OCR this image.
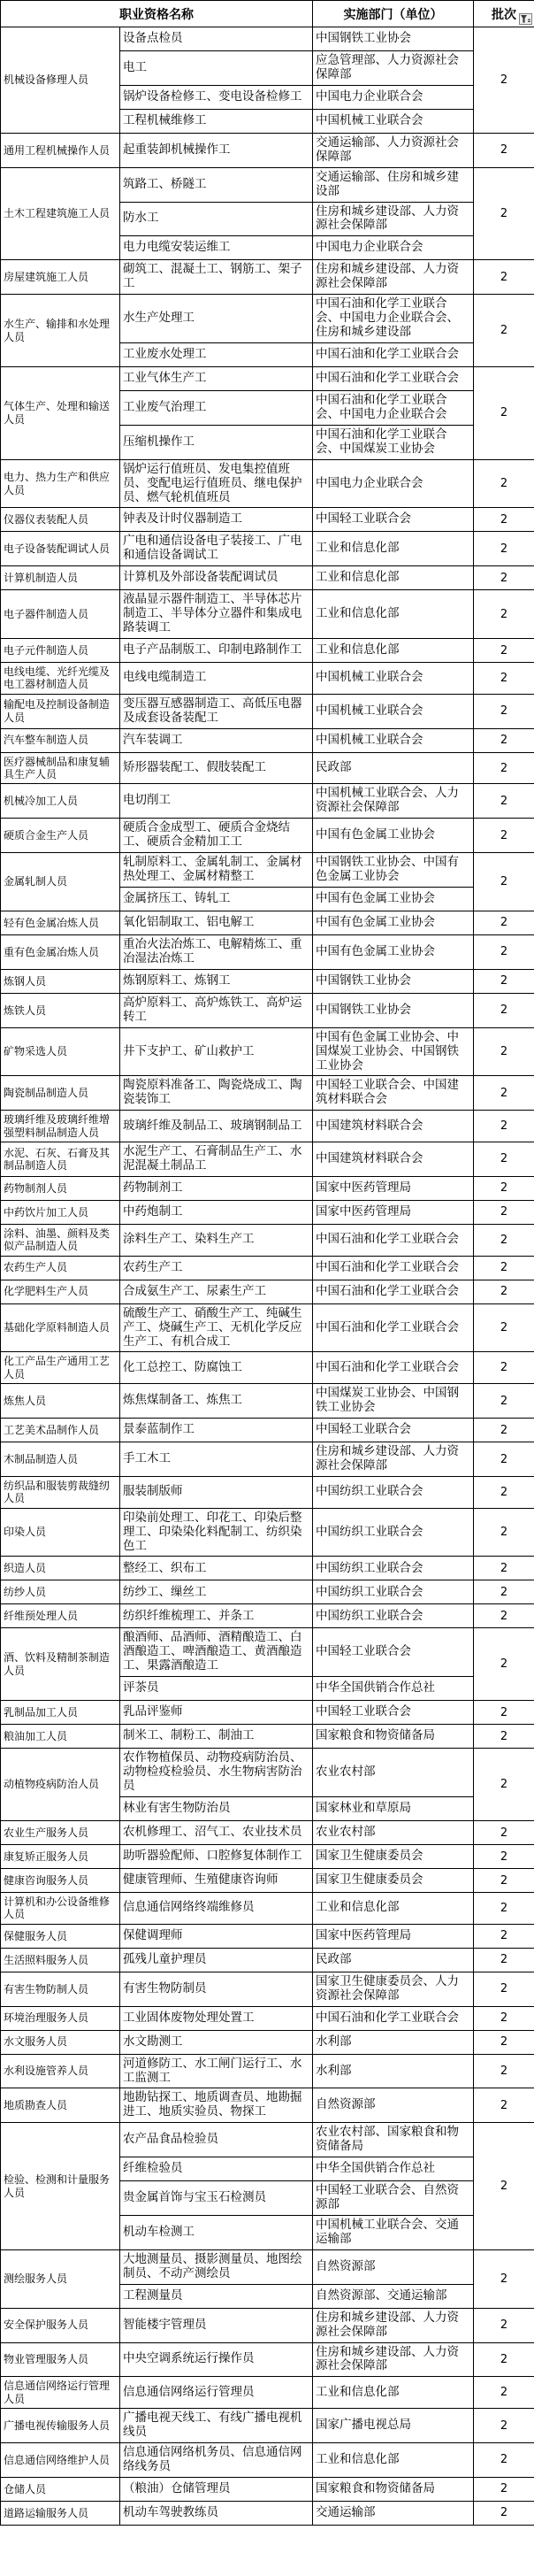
职业资格名称		实施部门（单位）	批次

机械设备修理人员	设备点检员	中国钢铁工业协会	2
	电工	应急管理部、人力资源社会保障部	
	锅炉设备检修工、变电设备检修工	中国电力企业联合会	
	工程机械维修工	中国机械工业联合会	
通用工程机械操作人员	起重装卸机械操作工	交通运输部、人力资源社会保障部	2
土木工程建筑施工人员	筑路工、桥隧工	交通运输部、住房和城乡建设部	2
	防水工	住房和城乡建设部、人力资源社会保障部	
	电力电缆安装运维工	中国电力企业联合会	
房屋建筑施工人员	砌筑工、混凝土工、钢筋工、架子工	住房和城乡建设部、人力资源社会保障部	2
水生产、输排和水处理人员	水生产处理工	中国石油和化学工业联合会、中国电力企业联合会、住房和城乡建设部	2
	工业废水处理工	中国石油和化学工业联合会	
气体生产、处理和输送人员	工业气体生产工	中国石油和化学工业联合会	2
	工业废气治理工	中国石油和化学工业联合会、中国电力企业联合会	
	压缩机操作工	中国石油和化学工业联合会、中国煤炭工业协会	
电力、热力生产和供应人员	锅炉运行值班员、发电集控值班员、变配电运行值班员、继电保护员、燃气轮机值班员	中国电力企业联合会	2
仪器仪表装配人员	钟表及计时仪器制造工	中国轻工业联合会	2
电子设备装配调试人员	广电和通信设备电子装接工、广电和通信设备调试工	工业和信息化部	2
计算机制造人员	计算机及外部设备装配调试员	工业和信息化部	2
电子器件制造人员	液晶显示器件制造工、半导体芯片制造工、半导体分立器件和集成电路装调工	工业和信息化部	2
电子元件制造人员	电子产品制版工、印制电路制作工	工业和信息化部	2
电线电缆、光纤光缆及电工器材制造人员	电线电缆制造工	中国机械工业联合会	2
输配电及控制设备制造人员	变压器互感器制造工、高低压电器及成套设备装配工	中国机械工业联合会	2
汽车整车制造人员	汽车装调工	中国机械工业联合会	2
医疗器械制品和康复辅具生产人员	矫形器装配工、假肢装配工	民政部	2
机械冷加工人员	电切削工	中国机械工业联合会、人力资源社会保障部	2
硬质合金生产人员	硬质合金成型工、硬质合金烧结工、硬质合金精加工工	中国有色金属工业协会	2
金属轧制人员	轧制原料工、金属轧制工、金属材热处理工、金属材精整工	中国钢铁工业协会、中国有色金属工业协会	2
	金属挤压工、铸轧工	中国有色金属工业协会	
轻有色金属冶炼人员	氧化铝制取工、铝电解工	中国有色金属工业协会	2
重有色金属冶炼人员	重冶火法冶炼工、电解精炼工、重冶湿法冶炼工	中国有色金属工业协会	2
炼钢人员	炼钢原料工、炼钢工	中国钢铁工业协会	2
炼铁人员	高炉原料工、高炉炼铁工、高炉运转工	中国钢铁工业协会	2
矿物采选人员	井下支护工、矿山救护工	中国有色金属工业协会、中国煤炭工业协会、中国钢铁工业协会	2
陶瓷制品制造人员	陶瓷原料准备工、陶瓷烧成工、陶瓷装饰工	中国轻工业联合会、中国建筑材料联合会	2
玻璃纤维及玻璃纤维增强塑料制品制造人员	玻璃纤维及制品工、玻璃钢制品工	中国建筑材料联合会	2
水泥、石灰、石膏及其制品制造人员	水泥生产工、石膏制品生产工、水泥混凝土制品工	中国建筑材料联合会	2
药物制剂人员	药物制剂工	国家中医药管理局	2
中药饮片加工人员	中药炮制工	国家中医药管理局	2
涂料、油墨、颜料及类似产品制造人员	涂料生产工、染料生产工	中国石油和化学工业联合会	2
农药生产人员	农药生产工	中国石油和化学工业联合会	2
化学肥料生产人员	合成氨生产工、尿素生产工	中国石油和化学工业联合会	2
基础化学原料制造人员	硫酸生产工、硝酸生产工、纯碱生产工、烧碱生产工、无机化学反应生产工、有机合成工	中国石油和化学工业联合会	2
化工产品生产通用工艺人员	化工总控工、防腐蚀工	中国石油和化学工业联合会	2
炼焦人员	炼焦煤制备工、炼焦工	中国煤炭工业协会、中国钢铁工业协会	2
工艺美术品制作人员	景泰蓝制作工	中国轻工业联合会	2
木制品制造人员	手工木工	住房和城乡建设部、人力资源社会保障部	2
纺织品和服装剪裁缝纫人员	服装制版师	中国纺织工业联合会	2
印染人员	印染前处理工、印花工、印染后整理工、印染染化料配制工、纺织染色工	中国纺织工业联合会	2
织造人员	整经工、织布工	中国纺织工业联合会	2
纺纱人员	纺纱工、缫丝工	中国纺织工业联合会	2
纤维预处理人员	纺织纤维梳理工、并条工	中国纺织工业联合会	2
酒、饮料及精制茶制造人员	酿酒师、品酒师、酒精酿造工、白酒酿造工、啤酒酿造工、黄酒酿造工、果露酒酿造工	中国轻工业联合会	2
	评茶员	中华全国供销合作总社	
乳制品加工人员	乳品评鉴师	中国轻工业联合会	2
粮油加工人员	制米工、制粉工、制油工	国家粮食和物资储备局	2
动植物疫病防治人员	农作物植保员、动物疫病防治员、动物检疫检验员、水生物病害防治员	农业农村部	2
	林业有害生物防治员	国家林业和草原局	
农业生产服务人员	农机修理工、沼气工、农业技术员	农业农村部	2
康复矫正服务人员	助听器验配师、口腔修复体制作工	国家卫生健康委员会	2
健康咨询服务人员	健康管理师、生殖健康咨询师	国家卫生健康委员会	2
计算机和办公设备维修人员	信息通信网络终端维修员	工业和信息化部	2
保健服务人员	保健调理师	国家中医药管理局	2
生活照料服务人员	孤残儿童护理员	民政部	2
有害生物防制人员	有害生物防制员	国家卫生健康委员会、人力资源社会保障部	2
环境治理服务人员	工业固体废物处理处置工	中国石油和化学工业联合会	2
水文服务人员	水文勘测工	水利部	2
水利设施管养人员	河道修防工、水工闸门运行工、水工监测工	水利部	2
地质勘查人员	地勘钻探工、地质调查员、地勘掘进工、地质实验员、物探工	自然资源部	2
检验、检测和计量服务人员	农产品食品检验员	农业农村部、国家粮食和物资储备局	2
	纤维检验员	中华全国供销合作总社	
	贵金属首饰与宝玉石检测员	中国轻工业联合会、自然资源部	
	机动车检测工	中国机械工业联合会、交通运输部	
测绘服务人员	大地测量员、摄影测量员、地图绘制员、不动产测绘员	自然资源部	2
	工程测量员	自然资源部、交通运输部	
安全保护服务人员	智能楼宇管理员	住房和城乡建设部、人力资源社会保障部	2
物业管理服务人员	中央空调系统运行操作员	住房和城乡建设部、人力资源社会保障部	2
信息通信网络运行管理人员	信息通信网络运行管理员	工业和信息化部	2
广播电视传输服务人员	广播电视天线工、有线广播电视机线员	国家广播电视总局	2
信息通信网络维护人员	信息通信网络机务员、信息通信网络线务员	工业和信息化部	2
仓储人员	（粮油）仓储管理员	国家粮食和物资储备局	2
道路运输服务人员	机动车驾驶教练员	交通运输部	2
